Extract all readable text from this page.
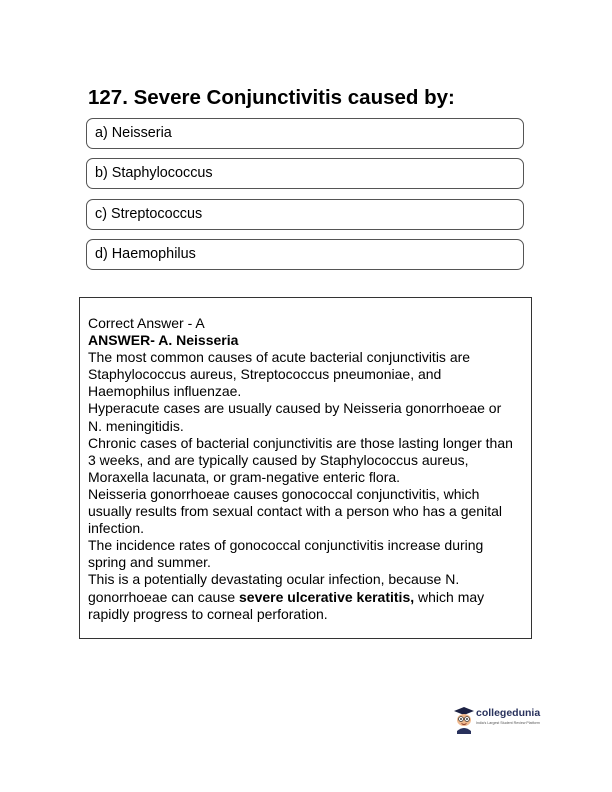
127. Severe Conjunctivitis caused by:
a) Neisseria
b) Staphylococcus
c) Streptococcus
d) Haemophilus

Correct Answer - A

ANSWER- A. Neisseria

The most common causes of acute bacterial conjunctivitis are

Staphylococcus aureus, Streptococcus pneumoniae, and

Haemophilus influenzae.

Hyperacute cases are usually caused by Neisseria gonorrhoeae or

N. meningitidis.

Chronic cases of bacterial conjunctivitis are those lasting longer than

3 weeks, and are typically caused by Staphylococcus aureus,

Moraxella lacunata, or gram-negative enteric flora.

Neisseria gonorrhoeae causes gonococcal conjunctivitis, which

usually results from sexual contact with a person who has a genital

infection.

The incidence rates of gonococcal conjunctivitis increase during

spring and summer.

This is a potentially devastating ocular infection, because N.

gonorrhoeae can cause severe ulcerative keratitis, which may

rapidly progress to corneal perforation.

collegedunia
India's Largest Student Review Platform
